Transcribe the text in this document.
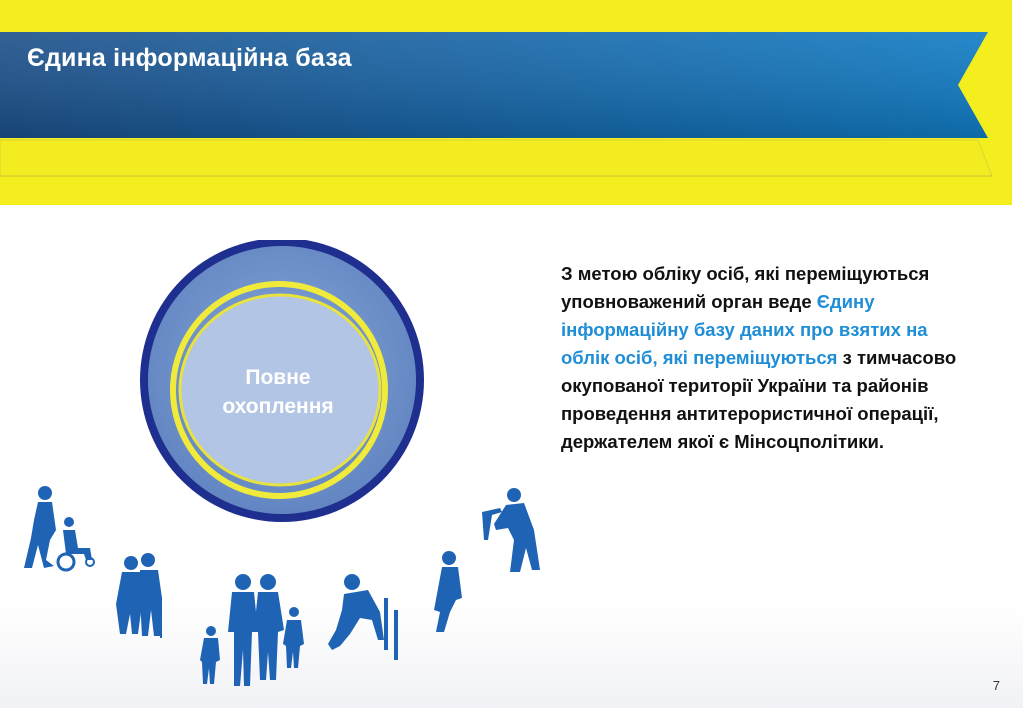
Єдина інформаційна база
Повне
охоплення

З метою обліку осіб, які переміщуються уповноважений орган веде Єдину інформаційну базу даних про взятих на облік осіб, які переміщуються з тимчасово окупованої території України та районів проведення антитерористичної операції, держателем якої є Мінсоцполітики.

7
